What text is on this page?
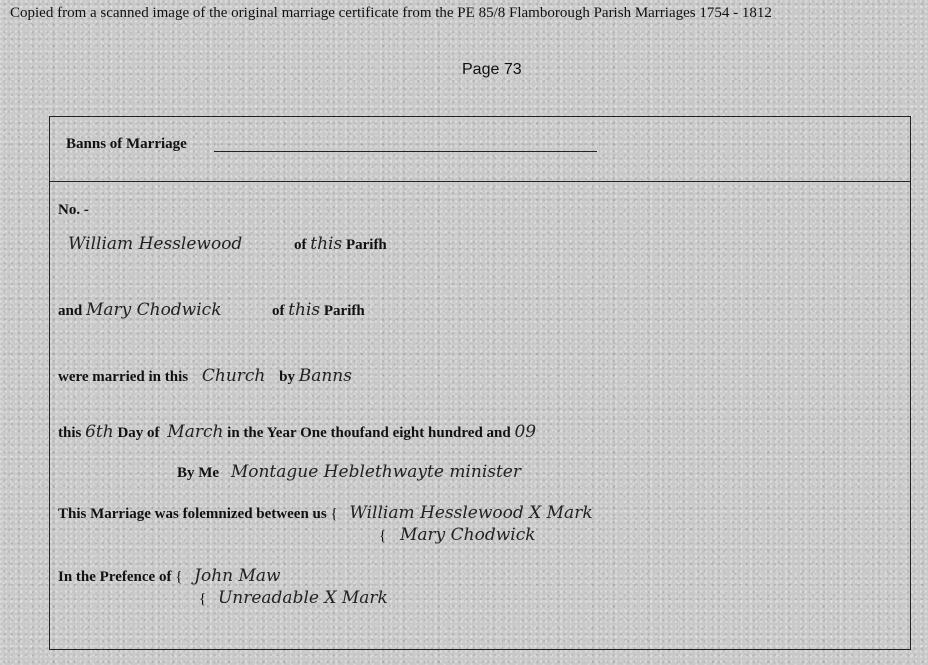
Copied from a scanned image of the original marriage certificate from the PE 85/8 Flamborough Parish Marriages 1754 - 1812
Page 73
Banns of Marriage
No. -
William Hesslewood	of this Parifh
and Mary Chodwick	of this Parifh
were married in this Church by Banns
this 6th Day of March in the Year One thoufand eight hundred and 09
By Me Montague Heblethwayte minister
This Marriage was folemnized between us { William Hesslewood X Mark
{ Mary Chodwick
In the Prefence of { John Maw
{ Unreadable X Mark
